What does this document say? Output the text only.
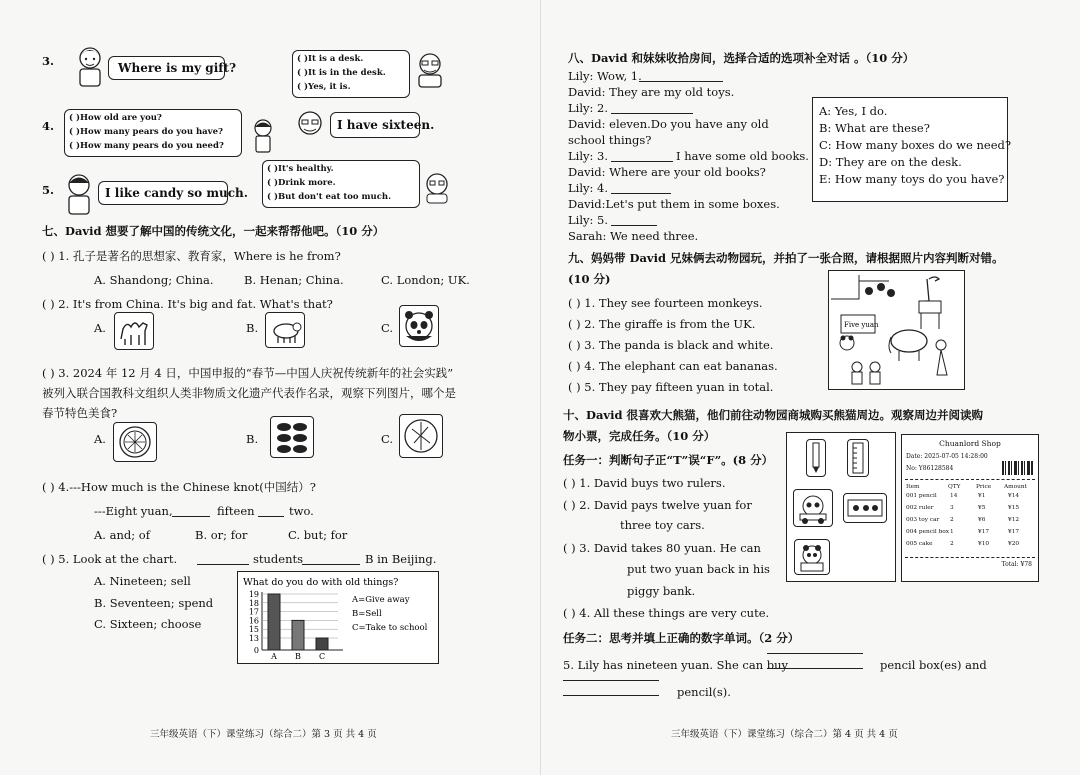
3.	Where is my gift?
( )It is a desk.
( )It is in the desk.
( )Yes, it is.
4.
( )How old are you?
( )How many pears do you have?
( )How many pears do you need?
I have sixteen.
5.	I like candy so much.
( )It's healthy.
( )Drink more.
( )But don't eat too much.
七、David 想要了解中国的传统文化，一起来帮帮他吧。（10 分）
( ) 1. 孔子是著名的思想家、教育家，Where is he from?
A. Shandong; China.	B. Henan; China.	C. London; UK.
( ) 2. It's from China. It's big and fat. What's that?
A.	B.	C.
( ) 3. 2024 年 12 月 4 日，中国申报的“春节—中国人庆祝传统新年的社会实践”
被列入联合国教科文组织人类非物质文化遗产代表作名录，观察下列图片，哪个是
春节特色美食?
A.	B.	C.
( ) 4.---How much is the Chinese knot(中国结）?
---Eight yuan,	fifteen	two.
A. and; of	B. or; for	C. but; for
( ) 5. Look at the chart.	students	B in Beijing.
A. Nineteen; sell
B. Seventeen; spend
C. Sixteen; choose
What do you do with old things?
0
13
15
16
17
18
19
A B C
A=Give away
B=Sell
C=Take to school
三年级英语（下）课堂练习（综合二）第 3 页 共 4 页
八、David 和妹妹收拾房间，选择合适的选项补全对话 。（10 分）
Lily: Wow, 1.
David: They are my old toys.
Lily: 2.
David: eleven.Do you have any old
school things?
Lily: 3.	I have some old books.
David: Where are your old books?
Lily: 4.
David:Let's put them in some boxes.
Lily: 5.
Sarah: We need three.
A: Yes, I do.
B: What are these?
C: How many boxes do we need?
D: They are on the desk.
E: How many toys do you have?
九、妈妈带 David 兄妹俩去动物园玩，并拍了一张合照，请根据照片内容判断对错。
(10 分)
( ) 1. They see fourteen monkeys.
( ) 2. The giraffe is from the UK.
( ) 3. The panda is black and white.
( ) 4. The elephant can eat bananas.
( ) 5. They pay fifteen yuan in total.
Five yuan
十、David 很喜欢大熊猫，他们前往动物园商城购买熊猫周边。观察周边并阅读购
物小票，完成任务。（10 分）
任务一：判断句子正“T”误“F”。(8 分）
( ) 1. David buys two rulers.
( ) 2. David pays twelve yuan for
three toy cars.
( ) 3. David takes 80 yuan. He can
put two yuan back in his
piggy bank.
( ) 4. All these things are very cute.
任务二：思考并填上正确的数字单词。（2 分）
5. Lily has nineteen yuan. She can buy	pencil box(es) and
pencil(s).
Chuanlord Shop
Date: 2025-07-05 14:28:00
No: Y86128584
Item	QTY	Price Amount
001 pencil 14	¥1	¥14
002 ruler	3	¥5	¥15
003 toy car 2	¥6	¥12
004 pencil box 1	¥17	¥17
005 cake	2	¥10	¥20
Total: ¥78
三年级英语（下）课堂练习（综合二）第 4 页 共 4 页
